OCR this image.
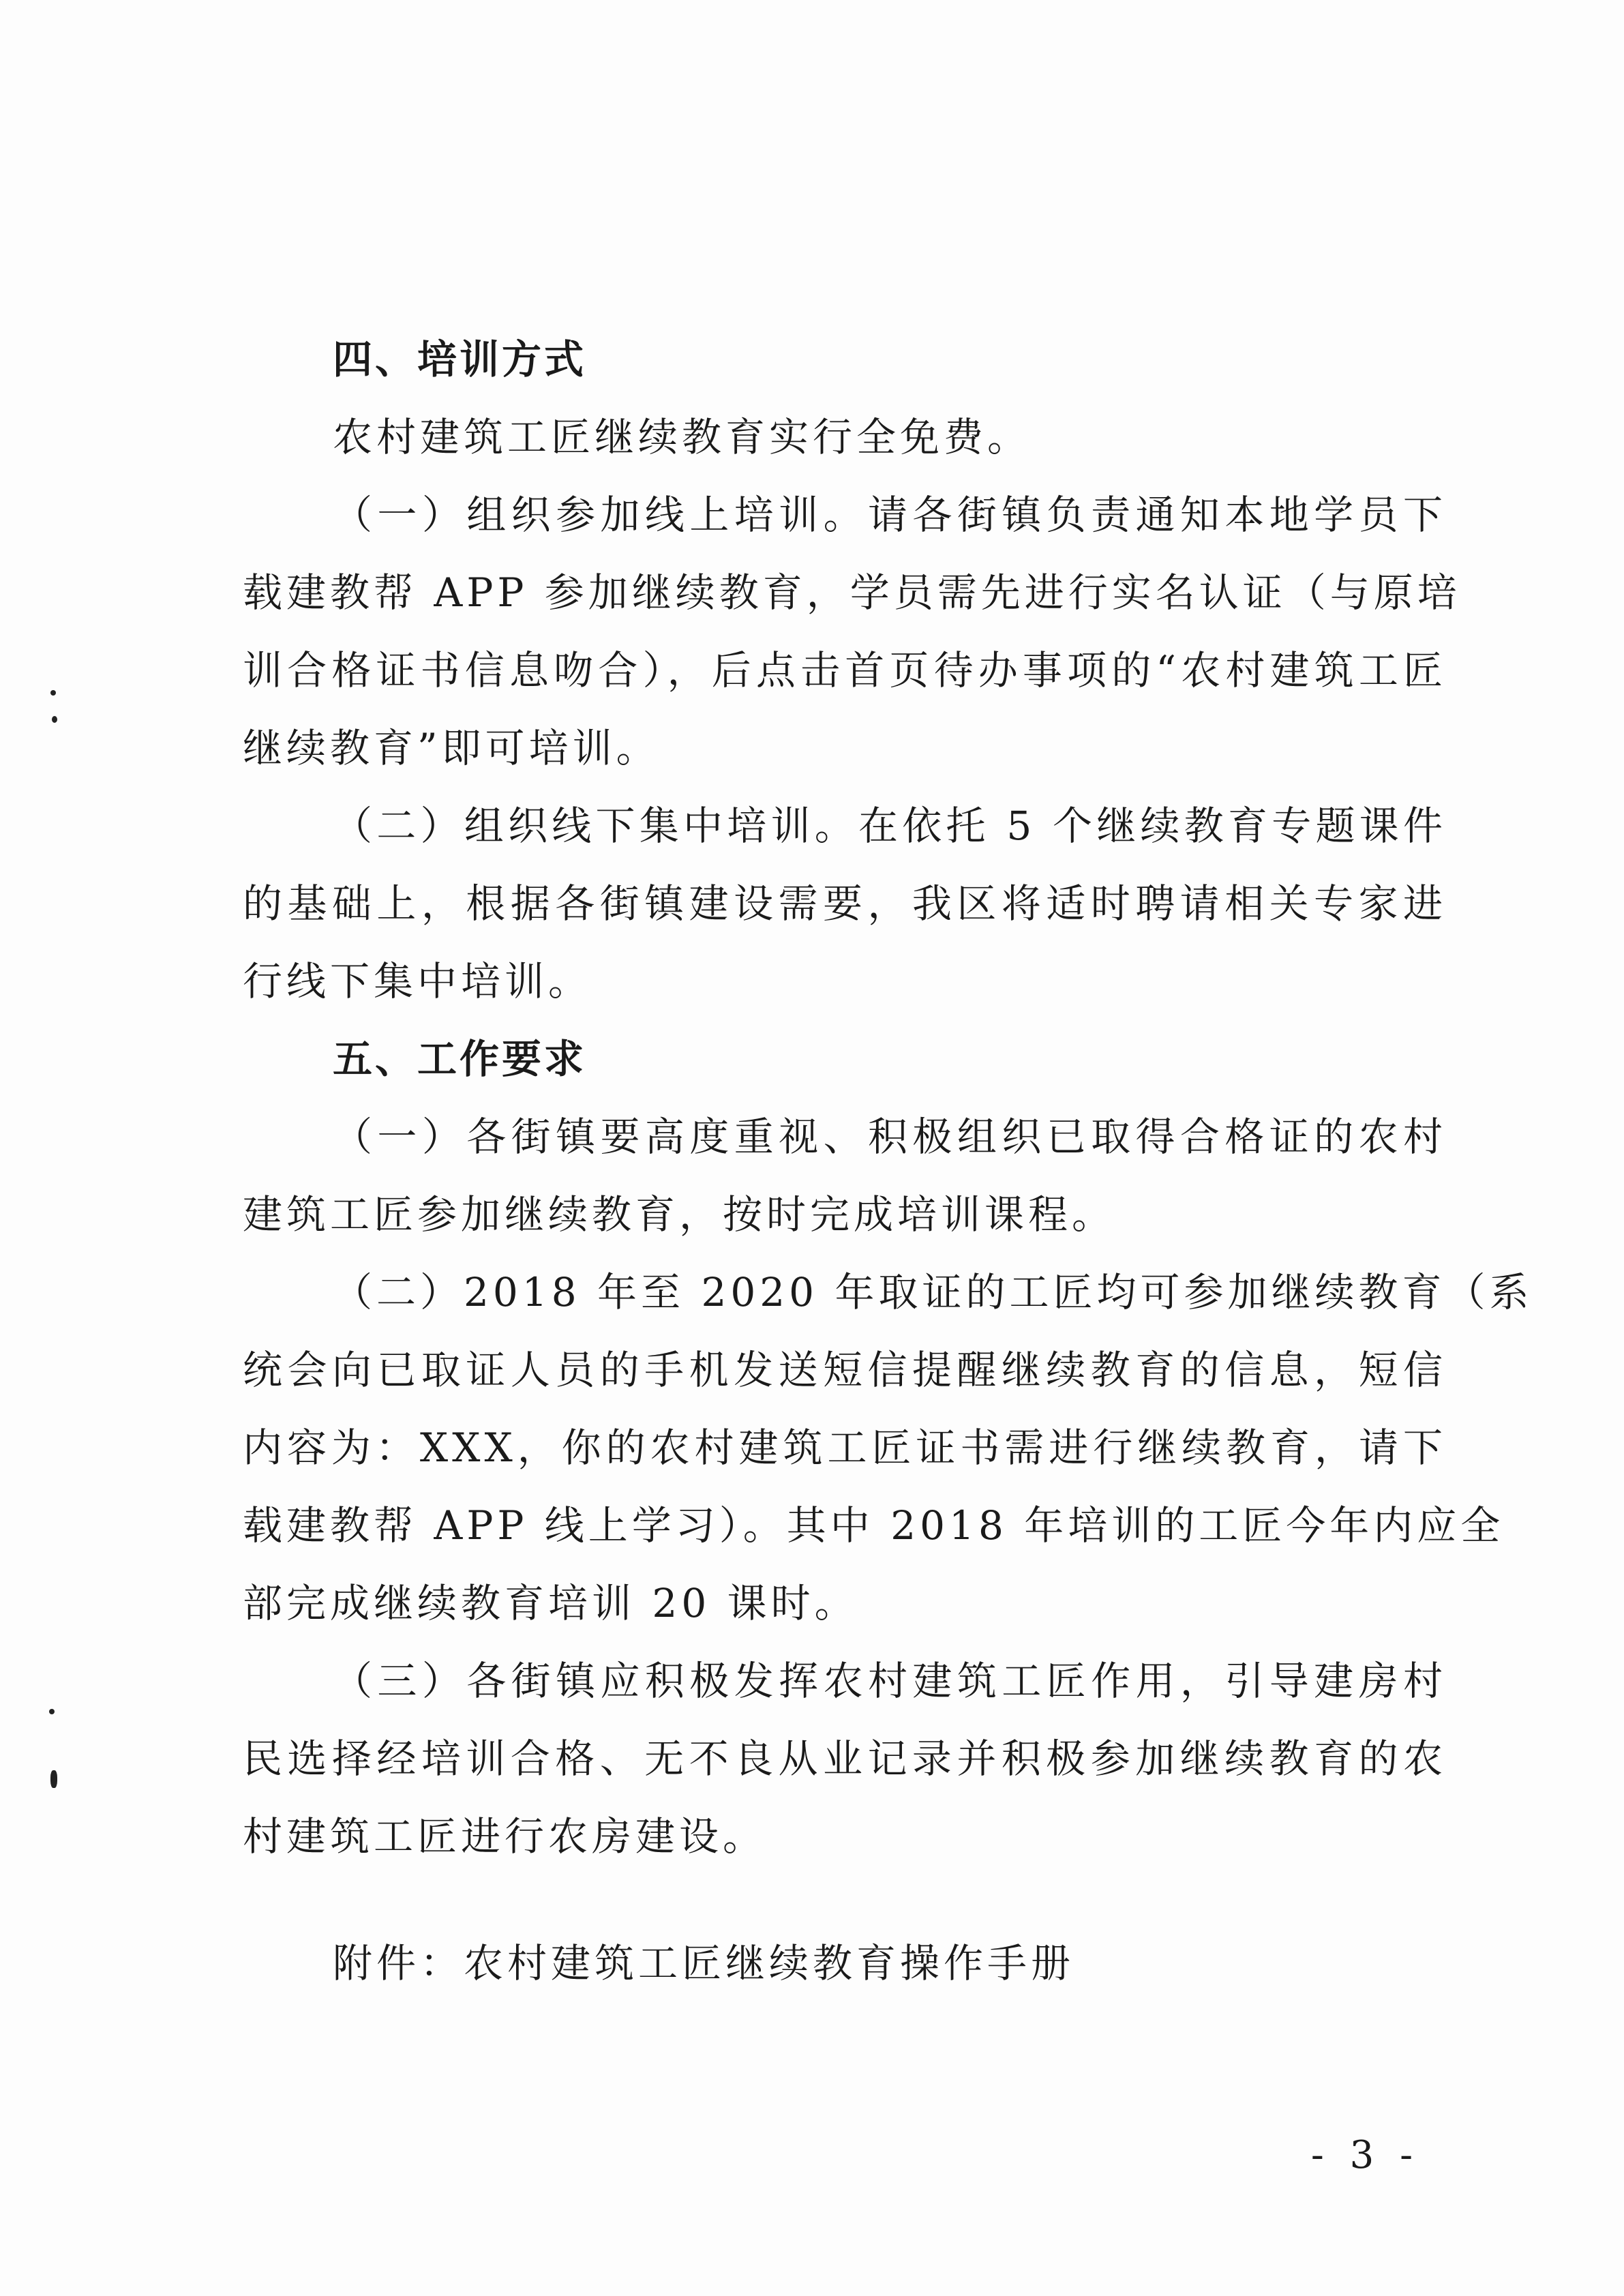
四、培训方式
农村建筑工匠继续教育实行全免费。
（一）组织参加线上培训。请各街镇负责通知本地学员下
载建教帮 APP 参加继续教育，学员需先进行实名认证（与原培
训合格证书信息吻合），后点击首页待办事项的“农村建筑工匠
继续教育”即可培训。
（二）组织线下集中培训。在依托 5 个继续教育专题课件
的基础上，根据各街镇建设需要，我区将适时聘请相关专家进
行线下集中培训。
五、工作要求
（一）各街镇要高度重视、积极组织已取得合格证的农村
建筑工匠参加继续教育，按时完成培训课程。
（二）2018 年至 2020 年取证的工匠均可参加继续教育（系
统会向已取证人员的手机发送短信提醒继续教育的信息，短信
内容为：XXX，你的农村建筑工匠证书需进行继续教育，请下
载建教帮 APP 线上学习）。其中 2018 年培训的工匠今年内应全
部完成继续教育培训 20 课时。
（三）各街镇应积极发挥农村建筑工匠作用，引导建房村
民选择经培训合格、无不良从业记录并积极参加继续教育的农
村建筑工匠进行农房建设。
附件：农村建筑工匠继续教育操作手册
- 3 -
